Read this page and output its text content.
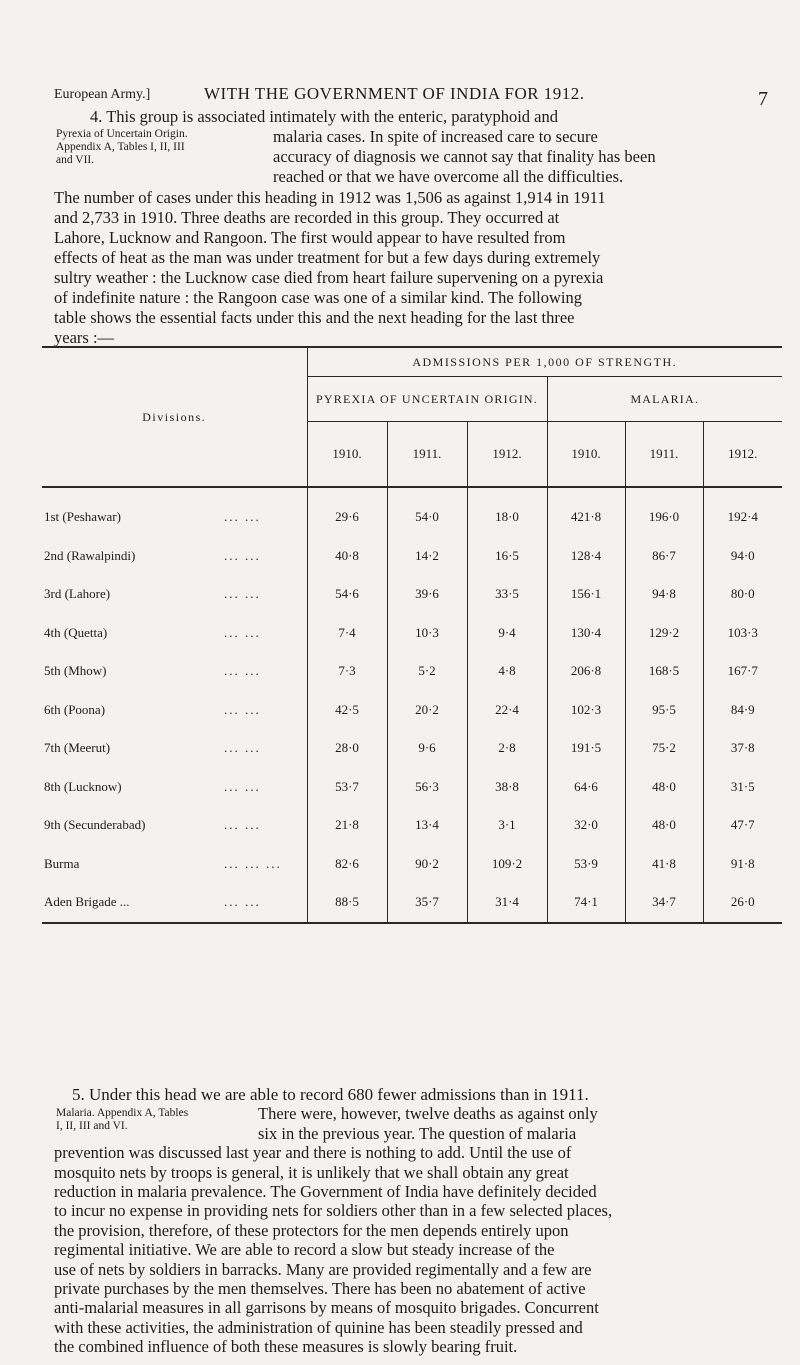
European Army.]	WITH THE GOVERNMENT OF INDIA FOR 1912.	7
Pyrexia of Uncertain Origin.
Appendix A, Tables I, II, III
and VII.
4. This group is associated intimately with the enteric, paratyphoid and
malaria cases. In spite of increased care to secure
accuracy of diagnosis we cannot say that finality has been
reached or that we have overcome all the difficulties.
The number of cases under this heading in 1912 was 1,506 as against 1,914 in 1911
and 2,733 in 1910. Three deaths are recorded in this group. They occurred at
Lahore, Lucknow and Rangoon. The first would appear to have resulted from
effects of heat as the man was under treatment for but a few days during extremely
sultry weather : the Lucknow case died from heart failure supervening on a pyrexia
of indefinite nature : the Rangoon case was one of a similar kind. The following
table shows the essential facts under this and the next heading for the last three
years :—
Divisions.	ADMISSIONS PER 1,000 OF STRENGTH.					
	PYREXIA OF UNCERTAIN ORIGIN.			MALARIA.		
	1910.	1911.	1912.	1910.	1911.	1912.
1st (Peshawar) ... ...	29·6	54·0	18·0	421·8	196·0	192·4
2nd (Rawalpindi) ... ...	40·8	14·2	16·5	128·4	86·7	94·0
3rd (Lahore) ... ...	54·6	39·6	33·5	156·1	94·8	80·0
4th (Quetta) ... ...	7·4	10·3	9·4	130·4	129·2	103·3
5th (Mhow) ... ...	7·3	5·2	4·8	206·8	168·5	167·7
6th (Poona) ... ...	42·5	20·2	22·4	102·3	95·5	84·9
7th (Meerut) ... ...	28·0	9·6	2·8	191·5	75·2	37·8
8th (Lucknow) ... ...	53·7	56·3	38·8	64·6	48·0	31·5
9th (Secunderabad) ... ...	21·8	13·4	3·1	32·0	48·0	47·7
Burma ... ... ...	82·6	90·2	109·2	53·9	41·8	91·8
Aden Brigade ... ... ...	88·5	35·7	31·4	74·1	34·7	26·0
Malaria. Appendix A, Tables
I, II, III and VI.
5. Under this head we are able to record 680 fewer admissions than in 1911.
There were, however, twelve deaths as against only
six in the previous year. The question of malaria
prevention was discussed last year and there is nothing to add. Until the use of
mosquito nets by troops is general, it is unlikely that we shall obtain any great
reduction in malaria prevalence. The Government of India have definitely decided
to incur no expense in providing nets for soldiers other than in a few selected places,
the provision, therefore, of these protectors for the men depends entirely upon
regimental initiative. We are able to record a slow but steady increase of the
use of nets by soldiers in barracks. Many are provided regimentally and a few are
private purchases by the men themselves. There has been no abatement of active
anti-malarial measures in all garrisons by means of mosquito brigades. Concurrent
with these activities, the administration of quinine has been steadily pressed and
the combined influence of both these measures is slowly bearing fruit.
